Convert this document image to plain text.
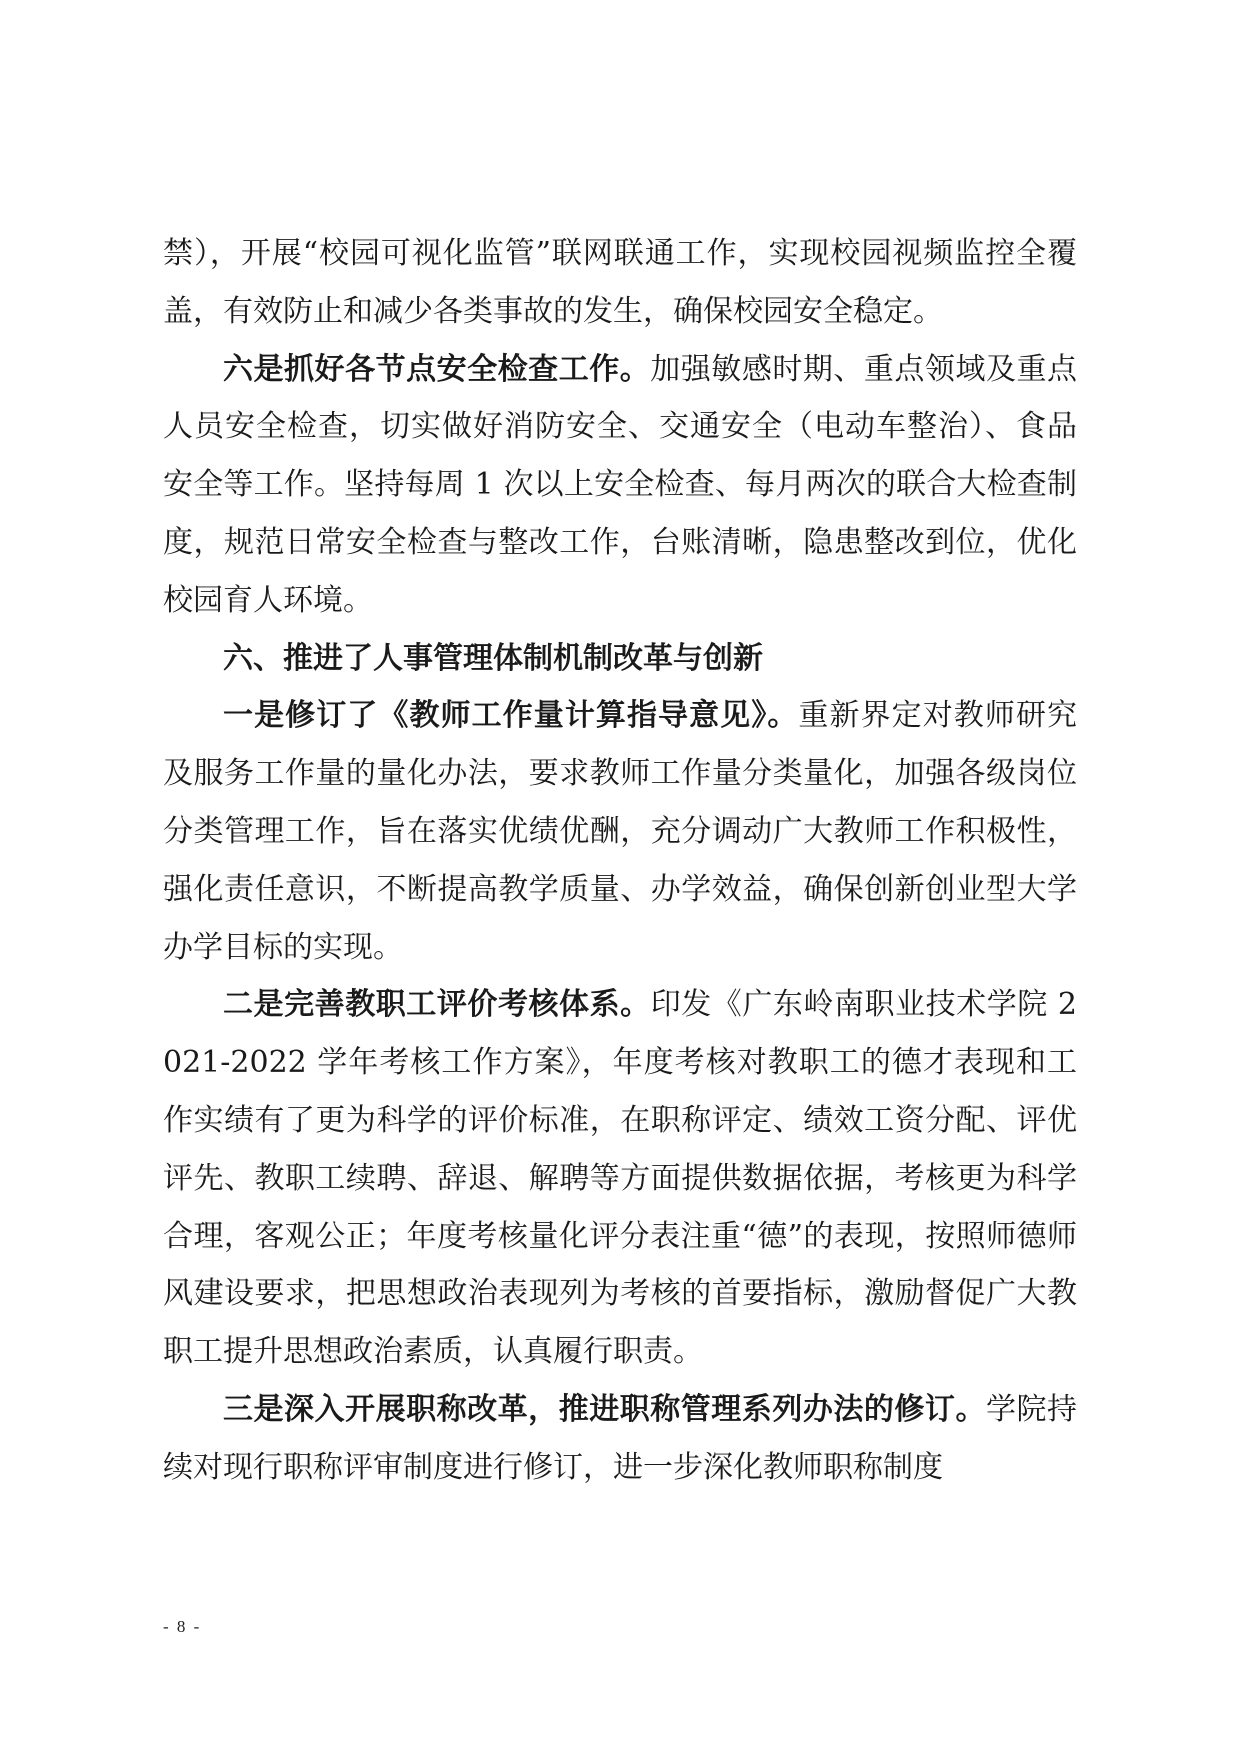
禁），开展“校园可视化监管”联网联通工作，实现校园视频监控全覆盖，有效防止和减少各类事故的发生，确保校园安全稳定。

六是抓好各节点安全检查工作。加强敏感时期、重点领域及重点人员安全检查，切实做好消防安全、交通安全（电动车整治）、食品安全等工作。坚持每周 1 次以上安全检查、每月两次的联合大检查制度，规范日常安全检查与整改工作，台账清晰，隐患整改到位，优化校园育人环境。

六、推进了人事管理体制机制改革与创新

一是修订了《教师工作量计算指导意见》。重新界定对教师研究及服务工作量的量化办法，要求教师工作量分类量化，加强各级岗位分类管理工作，旨在落实优绩优酬，充分调动广大教师工作积极性，强化责任意识，不断提高教学质量、办学效益，确保创新创业型大学办学目标的实现。

二是完善教职工评价考核体系。印发《广东岭南职业技术学院 2021-2022 学年考核工作方案》，年度考核对教职工的德才表现和工作实绩有了更为科学的评价标准，在职称评定、绩效工资分配、评优评先、教职工续聘、辞退、解聘等方面提供数据依据，考核更为科学合理，客观公正；年度考核量化评分表注重“德”的表现，按照师德师风建设要求，把思想政治表现列为考核的首要指标，激励督促广大教职工提升思想政治素质，认真履行职责。

三是深入开展职称改革，推进职称管理系列办法的修订。学院持续对现行职称评审制度进行修订，进一步深化教师职称制度

- 8 -
